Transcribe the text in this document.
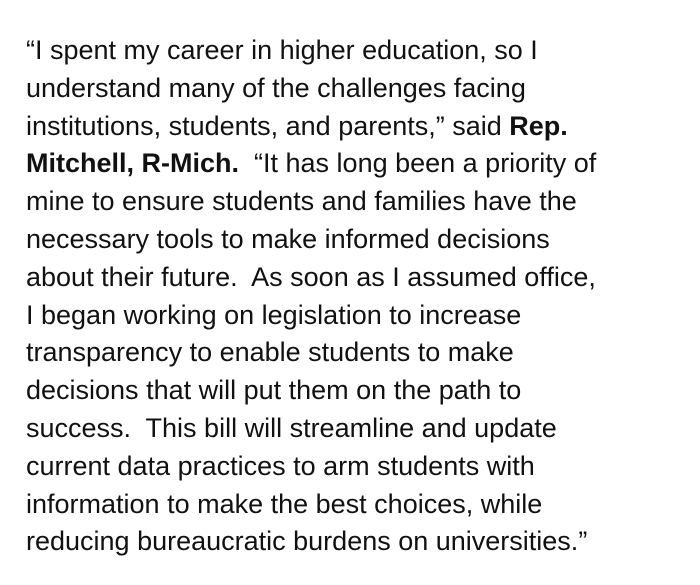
“I spent my career in higher education, so I
understand many of the challenges facing
institutions, students, and parents,” said Rep.
Mitchell, R-Mich.  “It has long been a priority of
mine to ensure students and families have the
necessary tools to make informed decisions
about their future.  As soon as I assumed office,
I began working on legislation to increase
transparency to enable students to make
decisions that will put them on the path to
success.  This bill will streamline and update
current data practices to arm students with
information to make the best choices, while
reducing bureaucratic burdens on universities.”
